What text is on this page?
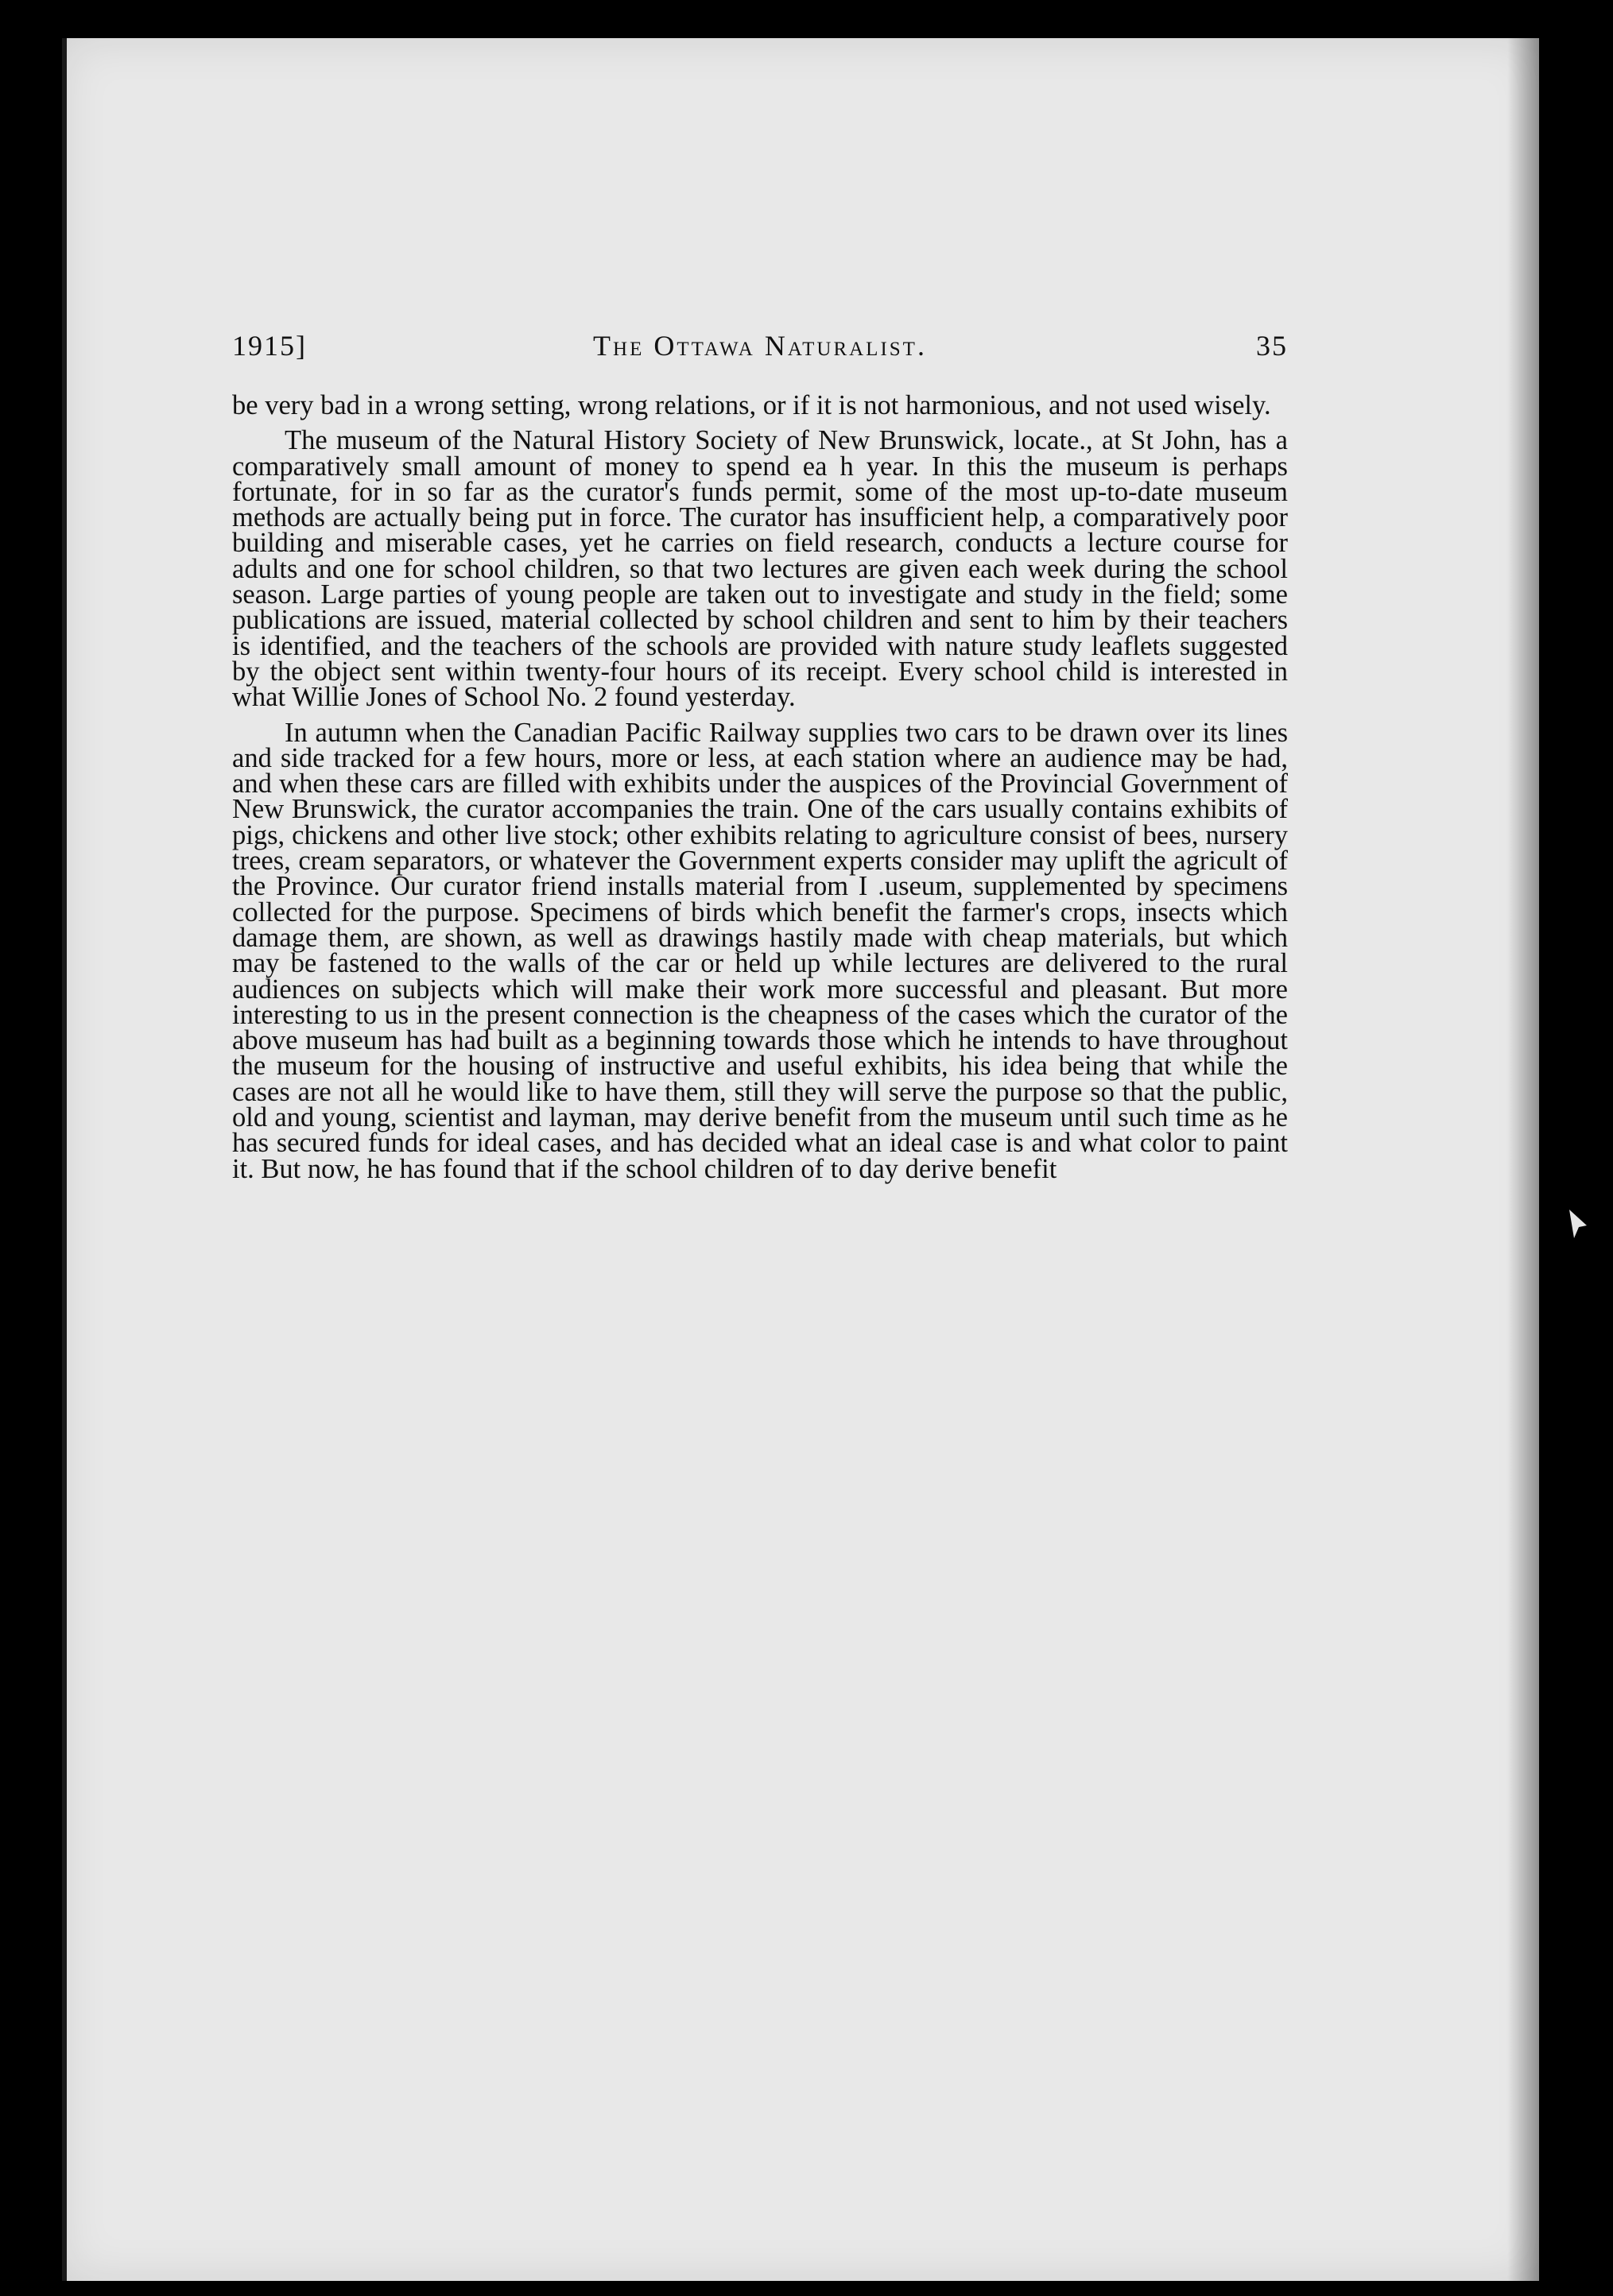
1915]	The Ottawa Naturalist.	35

be very bad in a wrong setting, wrong relations, or if it is not harmonious, and not used wisely.

The museum of the Natural History Society of New Brunswick, locate., at St John, has a comparatively small amount of money to spend ea h year. In this the museum is perhaps fortunate, for in so far as the curator's funds permit, some of the most up-to-date museum methods are actually being put in force. The curator has insufficient help, a comparatively poor building and miserable cases, yet he carries on field research, conducts a lecture course for adults and one for school children, so that two lectures are given each week during the school season. Large parties of young people are taken out to investigate and study in the field; some publications are issued, material collected by school children and sent to him by their teachers is identified, and the teachers of the schools are provided with nature study leaflets suggested by the object sent within twenty-four hours of its receipt. Every school child is interested in what Willie Jones of School No. 2 found yesterday.

In autumn when the Canadian Pacific Railway supplies two cars to be drawn over its lines and side tracked for a few hours, more or less, at each station where an audience may be had, and when these cars are filled with exhibits under the auspices of the Provincial Government of New Brunswick, the curator accompanies the train. One of the cars usually contains exhibits of pigs, chickens and other live stock; other exhibits relating to agriculture consist of bees, nursery trees, cream separators, or whatever the Government experts consider may uplift the agricult of the Province. Our curator friend installs material from I .useum, supplemented by specimens collected for the purpose. Specimens of birds which benefit the farmer's crops, insects which damage them, are shown, as well as drawings hastily made with cheap materials, but which may be fastened to the walls of the car or held up while lectures are delivered to the rural audiences on subjects which will make their work more successful and pleasant. But more interesting to us in the present connection is the cheapness of the cases which the curator of the above museum has had built as a beginning towards those which he intends to have throughout the museum for the housing of instructive and useful exhibits, his idea being that while the cases are not all he would like to have them, still they will serve the purpose so that the public, old and young, scientist and layman, may derive benefit from the museum until such time as he has secured funds for ideal cases, and has decided what an ideal case is and what color to paint it. But now, he has found that if the school children of to day derive benefit
